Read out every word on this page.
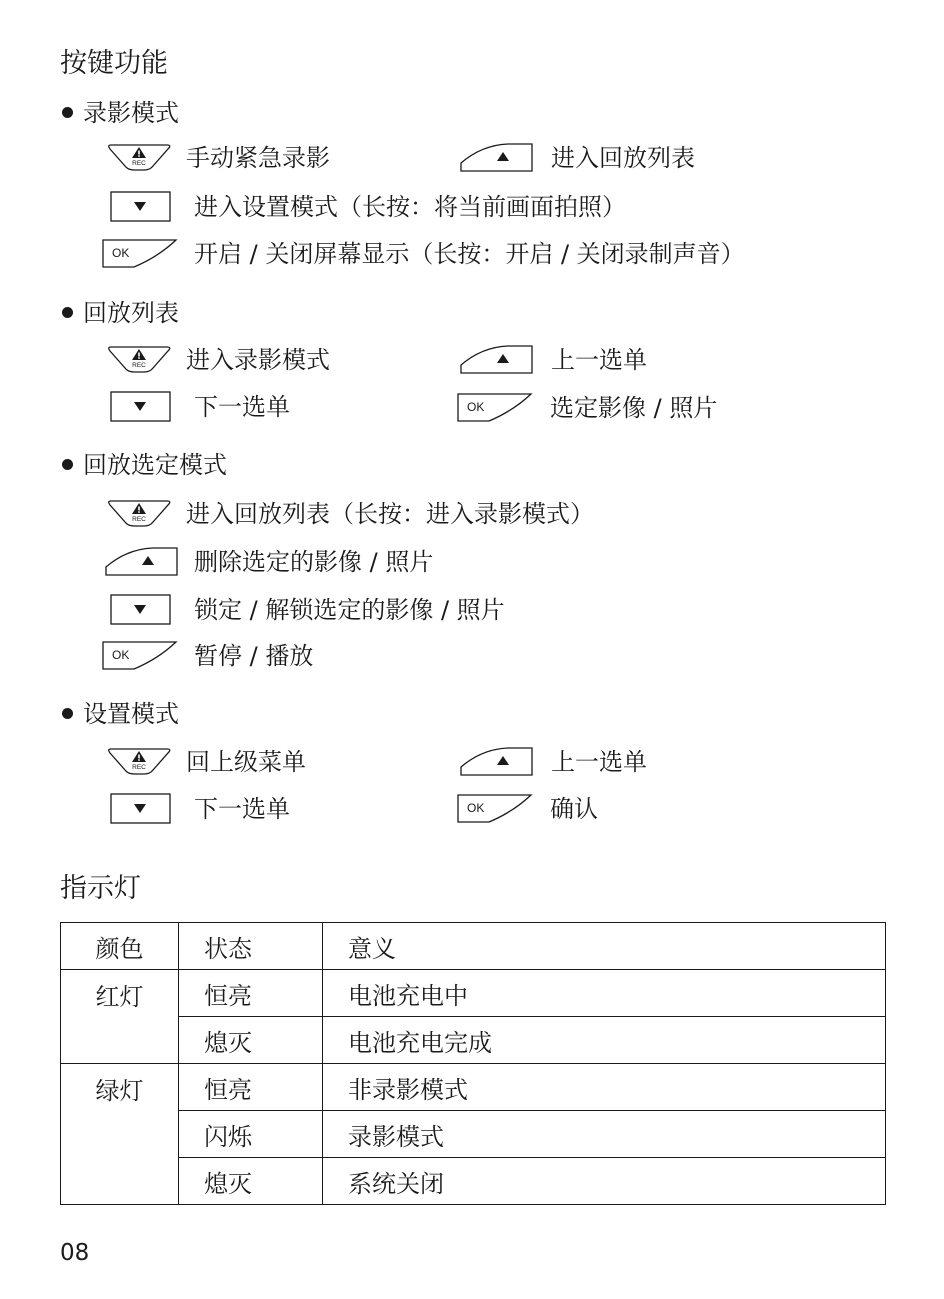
按键功能
录影模式
手动紧急录影	进入回放列表
进入设置模式（长按：将当前画面拍照）
开启 / 关闭屏幕显示（长按：开启 / 关闭录制声音）
回放列表
进入录影模式	上一选单
下一选单	选定影像 / 照片
回放选定模式
进入回放列表（长按：进入录影模式）
删除选定的影像 / 照片
锁定 / 解锁选定的影像 / 照片
暂停 / 播放
设置模式
回上级菜单	上一选单
下一选单	确认
指示灯
颜色	状态	意义
红灯	恒亮	电池充电中
	熄灭	电池充电完成
绿灯	恒亮	非录影模式
	闪烁	录影模式
	熄灭	系统关闭
08
